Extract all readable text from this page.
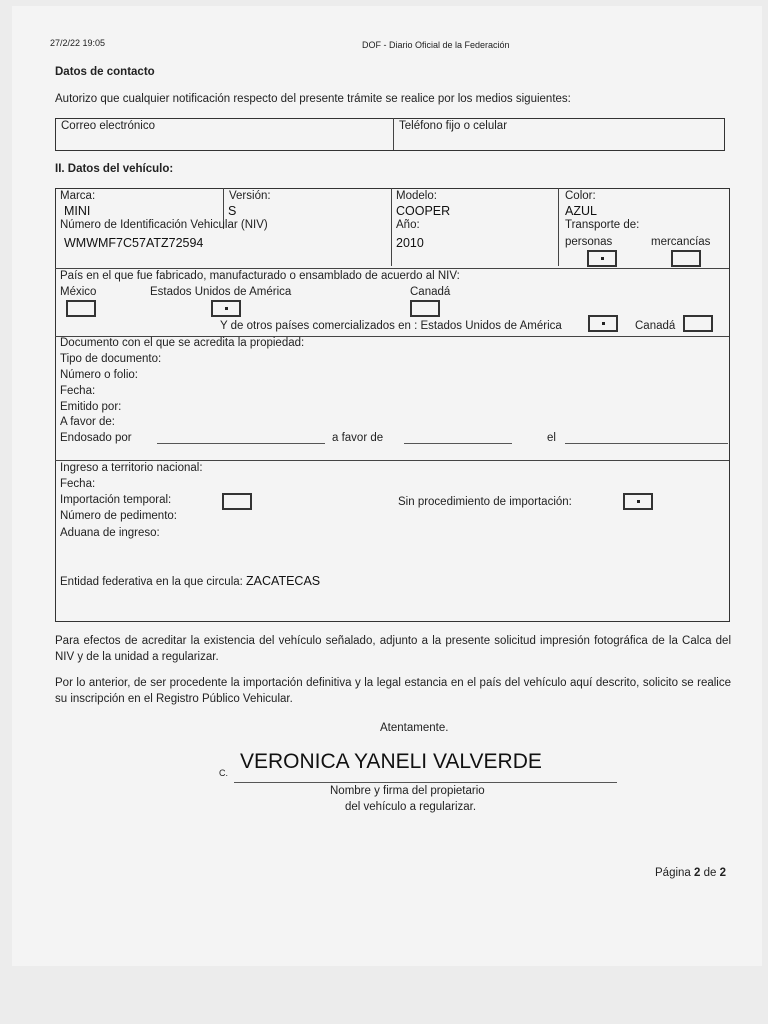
27/2/22 19:05	DOF - Diario Oficial de la Federación
Datos de contacto
Autorizo que cualquier notificación respecto del presente trámite se realice por los medios siguientes:
Correo electrónico	Teléfono fijo o celular
II. Datos del vehículo:
Marca:
MINI
Versión:
S
Modelo:
COOPER
Color:
AZUL
Número de Identificación Vehicular (NIV)
WMWMF7C57ATZ72594
Año:
2010
Transporte de:
personas	mercancías
País en el que fue fabricado, manufacturado o ensamblado de acuerdo al NIV:
México	Estados Unidos de América	Canadá
Y de otros países comercializados en : Estados Unidos de América	Canadá
Documento con el que se acredita la propiedad:
Tipo de documento:
Número o folio:
Fecha:
Emitido por:
A favor de:
Endosado por	a favor de	el
Ingreso a territorio nacional:
Fecha:
Importación temporal:	Sin procedimiento de importación:
Número de pedimento:
Aduana de ingreso:
Entidad federativa en la que circula: ZACATECAS
Para efectos de acreditar la existencia del vehículo señalado, adjunto a la presente solicitud impresión fotográfica de la Calca del NIV y de la unidad a regularizar.
Por lo anterior, de ser procedente la importación definitiva y la legal estancia en el país del vehículo aquí descrito, solicito se realice su inscripción en el Registro Público Vehicular.
Atentamente.
C. VERONICA YANELI VALVERDE
Nombre y firma del propietario
del vehículo a regularizar.
Página 2 de 2
